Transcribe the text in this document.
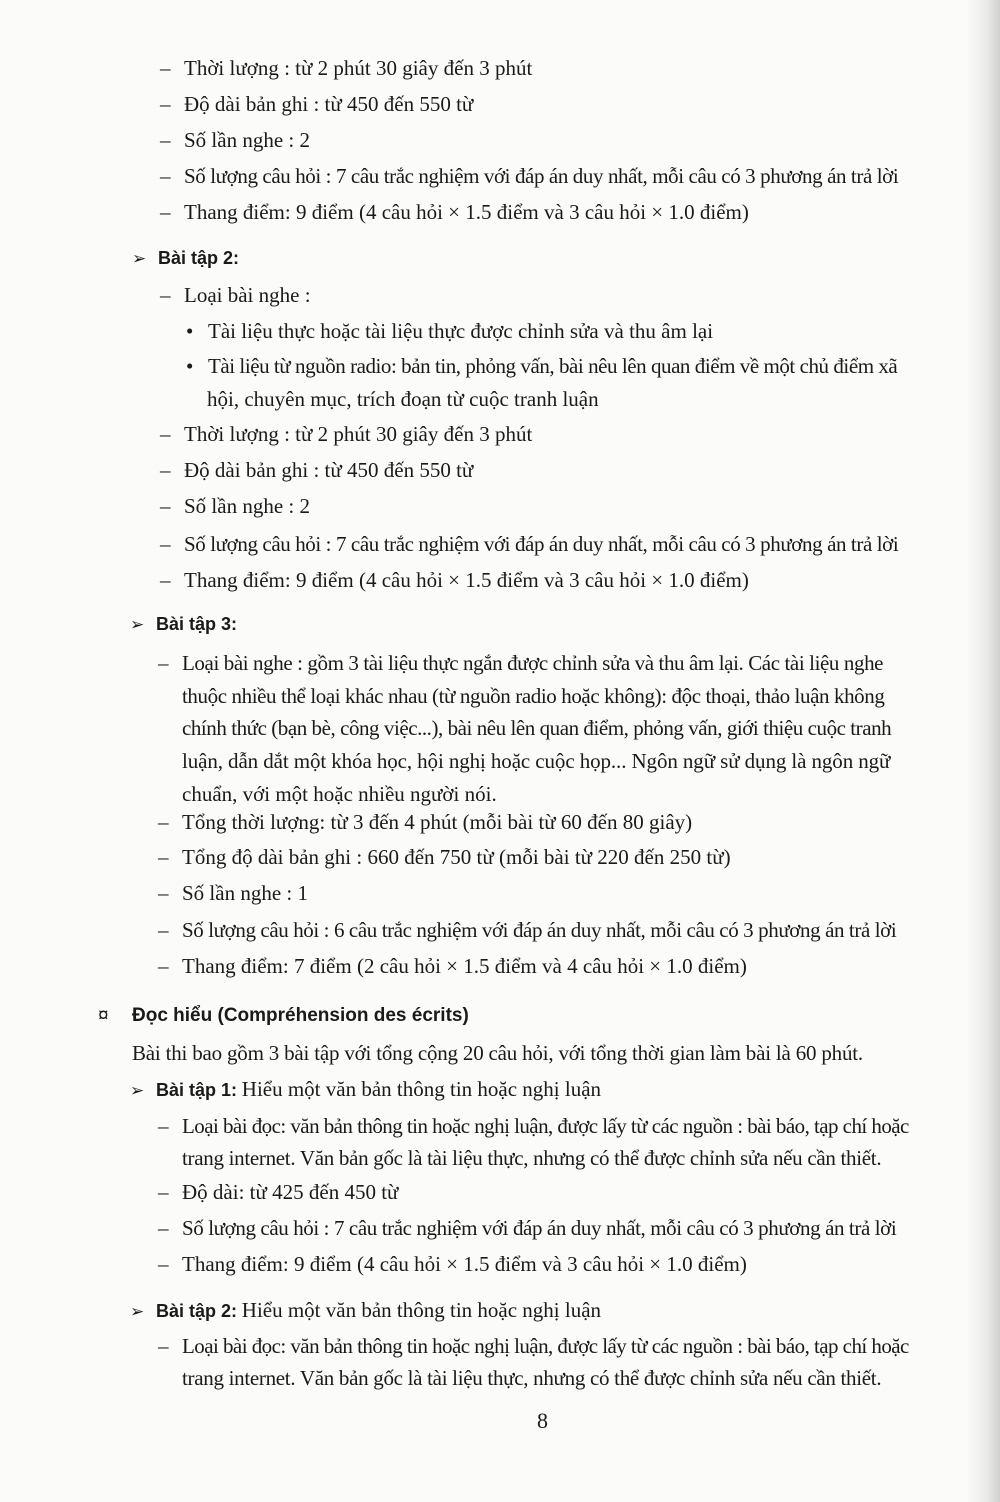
– Thời lượng : từ 2 phút 30 giây đến 3 phút
– Độ dài bản ghi : từ 450 đến 550 từ
– Số lần nghe : 2
– Số lượng câu hỏi : 7 câu trắc nghiệm với đáp án duy nhất, mỗi câu có 3 phương án trả lời
– Thang điểm: 9 điểm (4 câu hỏi × 1.5 điểm và 3 câu hỏi × 1.0 điểm)
➢ Bài tập 2:
– Loại bài nghe :
• Tài liệu thực hoặc tài liệu thực được chỉnh sửa và thu âm lại
• Tài liệu từ nguồn radio: bản tin, phỏng vấn, bài nêu lên quan điểm về một chủ điểm xã
hội, chuyên mục, trích đoạn từ cuộc tranh luận
– Thời lượng : từ 2 phút 30 giây đến 3 phút
– Độ dài bản ghi : từ 450 đến 550 từ
– Số lần nghe : 2
– Số lượng câu hỏi : 7 câu trắc nghiệm với đáp án duy nhất, mỗi câu có 3 phương án trả lời
– Thang điểm: 9 điểm (4 câu hỏi × 1.5 điểm và 3 câu hỏi × 1.0 điểm)
➢ Bài tập 3:
– Loại bài nghe : gồm 3 tài liệu thực ngắn được chỉnh sửa và thu âm lại. Các tài liệu nghe
thuộc nhiều thể loại khác nhau (từ nguồn radio hoặc không): độc thoại, thảo luận không
chính thức (bạn bè, công việc...), bài nêu lên quan điểm, phỏng vấn, giới thiệu cuộc tranh
luận, dẫn dắt một khóa học, hội nghị hoặc cuộc họp... Ngôn ngữ sử dụng là ngôn ngữ
chuẩn, với một hoặc nhiều người nói.
– Tổng thời lượng: từ 3 đến 4 phút (mỗi bài từ 60 đến 80 giây)
– Tổng độ dài bản ghi : 660 đến 750 từ (mỗi bài từ 220 đến 250 từ)
– Số lần nghe : 1
– Số lượng câu hỏi : 6 câu trắc nghiệm với đáp án duy nhất, mỗi câu có 3 phương án trả lời
– Thang điểm: 7 điểm (2 câu hỏi × 1.5 điểm và 4 câu hỏi × 1.0 điểm)
¤ Đọc hiểu (Compréhension des écrits)
Bài thi bao gồm 3 bài tập với tổng cộng 20 câu hỏi, với tổng thời gian làm bài là 60 phút.
➢ Bài tập 1: Hiểu một văn bản thông tin hoặc nghị luận
– Loại bài đọc: văn bản thông tin hoặc nghị luận, được lấy từ các nguồn : bài báo, tạp chí hoặc
trang internet. Văn bản gốc là tài liệu thực, nhưng có thể được chỉnh sửa nếu cần thiết.
– Độ dài: từ 425 đến 450 từ
– Số lượng câu hỏi : 7 câu trắc nghiệm với đáp án duy nhất, mỗi câu có 3 phương án trả lời
– Thang điểm: 9 điểm (4 câu hỏi × 1.5 điểm và 3 câu hỏi × 1.0 điểm)
➢ Bài tập 2: Hiểu một văn bản thông tin hoặc nghị luận
– Loại bài đọc: văn bản thông tin hoặc nghị luận, được lấy từ các nguồn : bài báo, tạp chí hoặc
trang internet. Văn bản gốc là tài liệu thực, nhưng có thể được chỉnh sửa nếu cần thiết.
8
